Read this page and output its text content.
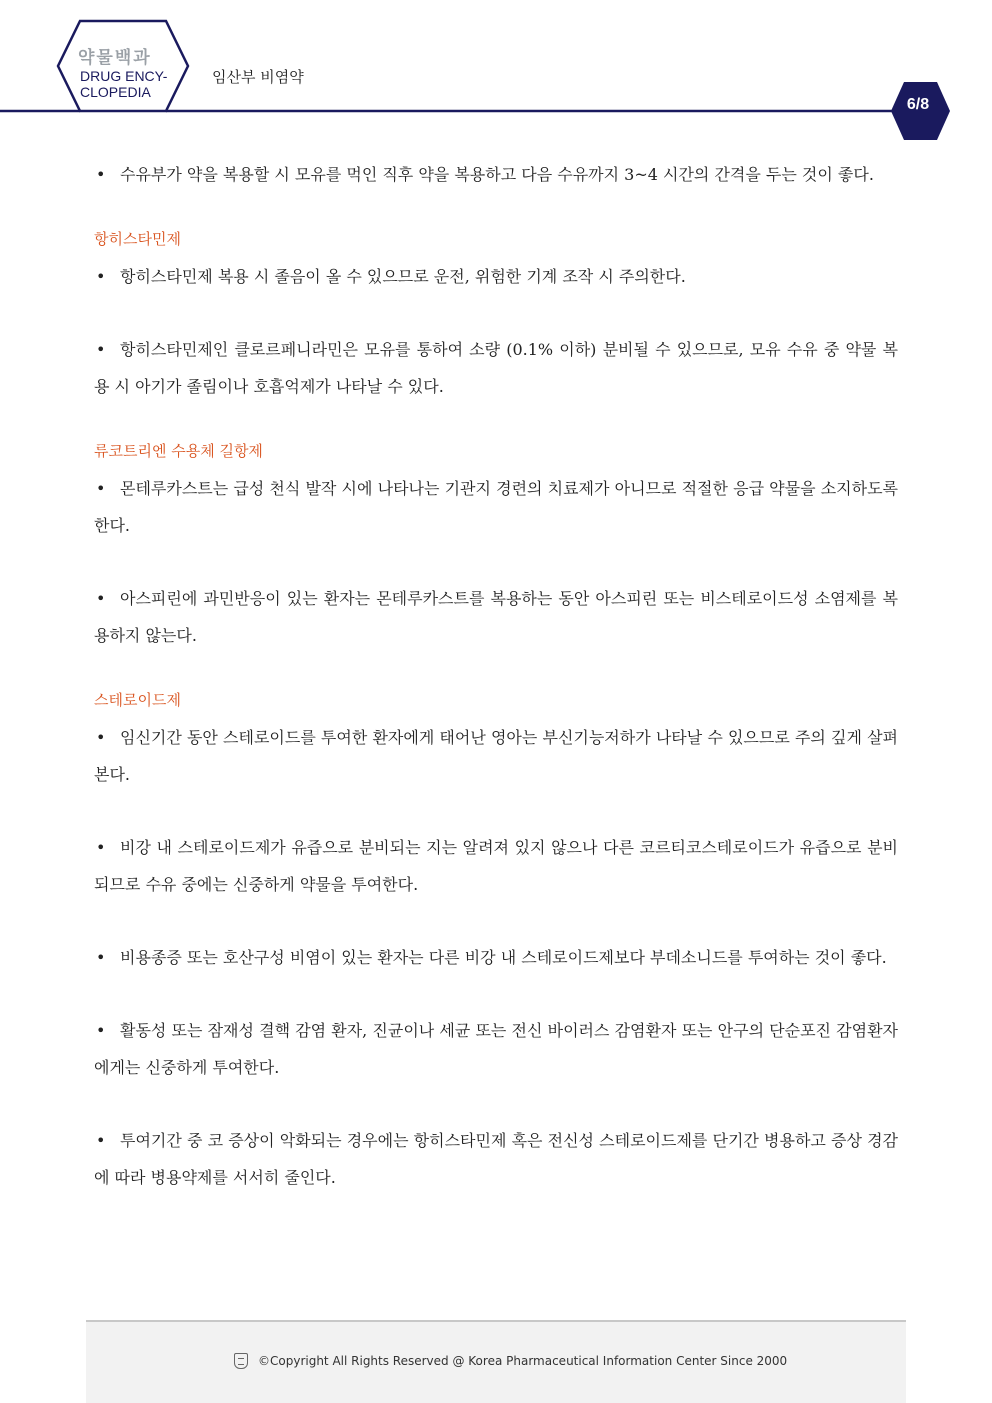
약물백과
DRUG ENCY-
CLOPEDIA
임산부 비염약
6/8

• 수유부가 약을 복용할 시 모유를 먹인 직후 약을 복용하고 다음 수유까지 3~4 시간의 간격을 두는 것이 좋다.

항히스타민제

• 항히스타민제 복용 시 졸음이 올 수 있으므로 운전, 위험한 기계 조작 시 주의한다.

• 항히스타민제인 클로르페니라민은 모유를 통하여 소량 (0.1% 이하) 분비될 수 있으므로, 모유 수유 중 약물 복용 시 아기가 졸림이나 호흡억제가 나타날 수 있다.

류코트리엔 수용체 길항제

• 몬테루카스트는 급성 천식 발작 시에 나타나는 기관지 경련의 치료제가 아니므로 적절한 응급 약물을 소지하도록 한다.

• 아스피린에 과민반응이 있는 환자는 몬테루카스트를 복용하는 동안 아스피린 또는 비스테로이드성 소염제를 복용하지 않는다.

스테로이드제

• 임신기간 동안 스테로이드를 투여한 환자에게 태어난 영아는 부신기능저하가 나타날 수 있으므로 주의 깊게 살펴본다.

• 비강 내 스테로이드제가 유즙으로 분비되는 지는 알려져 있지 않으나 다른 코르티코스테로이드가 유즙으로 분비되므로 수유 중에는 신중하게 약물을 투여한다.

• 비용종증 또는 호산구성 비염이 있는 환자는 다른 비강 내 스테로이드제보다 부데소니드를 투여하는 것이 좋다.

• 활동성 또는 잠재성 결핵 감염 환자, 진균이나 세균 또는 전신 바이러스 감염환자 또는 안구의 단순포진 감염환자에게는 신중하게 투여한다.

• 투여기간 중 코 증상이 악화되는 경우에는 항히스타민제 혹은 전신성 스테로이드제를 단기간 병용하고 증상 경감에 따라 병용약제를 서서히 줄인다.

©Copyright All Rights Reserved @ Korea Pharmaceutical Information Center Since 2000
